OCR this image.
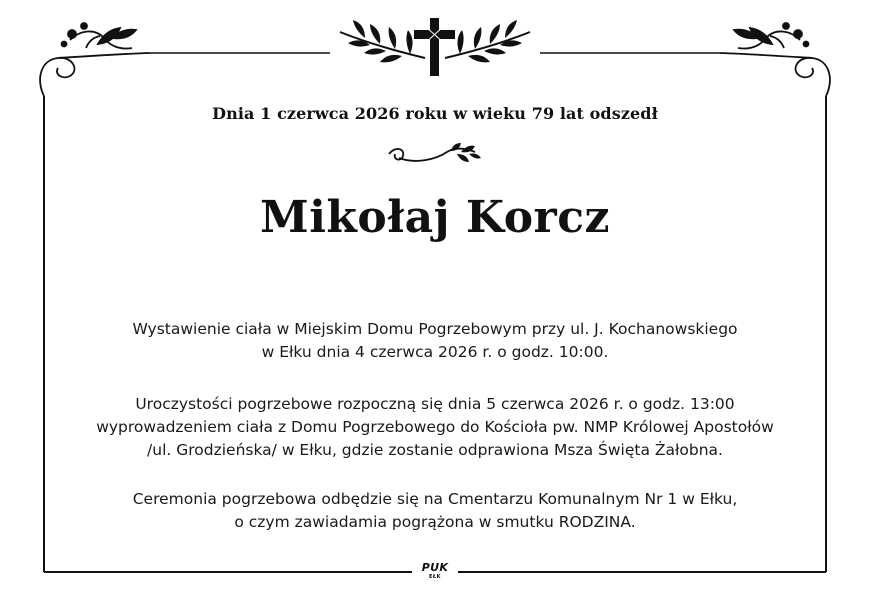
Dnia 1 czerwca 2026 roku w wieku 79 lat odszedł
Mikołaj Korcz
Wystawienie ciała w Miejskim Domu Pogrzebowym przy ul. J. Kochanowskiego
w Ełku dnia 4 czerwca 2026 r. o godz. 10:00.
Uroczystości pogrzebowe rozpoczną się dnia 5 czerwca 2026 r. o godz. 13:00
wyprowadzeniem ciała z Domu Pogrzebowego do Kościoła pw. NMP Królowej Apostołów
/ul. Grodzieńska/ w Ełku, gdzie zostanie odprawiona Msza Święta Żałobna.
Ceremonia pogrzebowa odbędzie się na Cmentarzu Komunalnym Nr 1 w Ełku,
o czym zawiadamia pogrążona w smutku RODZINA.
PUK
EŁK
